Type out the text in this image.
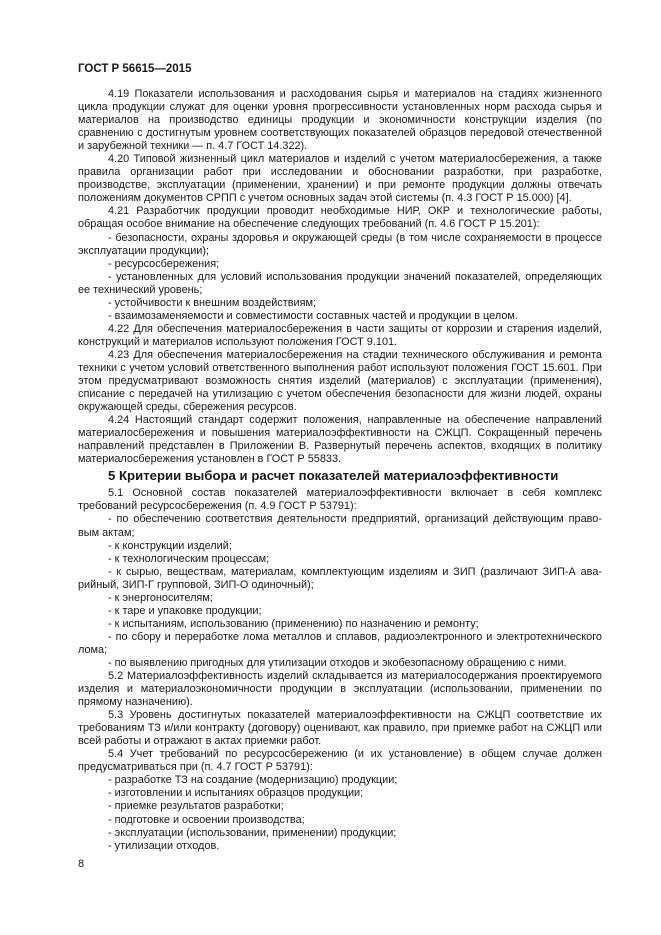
ГОСТ Р 56615—2015

4.19 Показатели использования и расходования сырья и материалов на стадиях жизненного цикла продукции служат для оценки уровня прогрессивности установленных норм расхода сырья и материалов на производство единицы продукции и экономичности конструкции изделия (по сравнению с достигнутым уровнем соответствующих показателей образцов передовой отечественной и зарубежной техники — п. 4.7 ГОСТ 14.322).

4.20 Типовой жизненный цикл материалов и изделий с учетом материалосбережения, а также правила организации работ при исследовании и обосновании разработки, при разработке, производстве, эксплуатации (применении, хранении) и при ремонте продукции должны отвечать положениям документов СРПП с учетом основных задач этой системы (п. 4.3 ГОСТ Р 15.000) [4].

4.21 Разработчик продукции проводит необходимые НИР, ОКР и технологические работы, обращая особое внимание на обеспечение следующих требований (п. 4.6 ГОСТ Р 15.201):

- безопасности, охраны здоровья и окружающей среды (в том числе сохраняемости в процессе эксплуатации продукции);

- ресурсосбережения;

- установленных для условий использования продукции значений показателей, определяющих ее технический уровень;

- устойчивости к внешним воздействиям;

- взаимозаменяемости и совместимости составных частей и продукции в целом.

4.22 Для обеспечения материалосбережения в части защиты от коррозии и старения изделий, конструкций и материалов используют положения ГОСТ 9.101.

4.23 Для обеспечения материалосбережения на стадии технического обслуживания и ремонта техники с учетом условий ответственного выполнения работ используют положения ГОСТ 15.601. При этом предусматривают возможность снятия изделий (материалов) с эксплуатации (применения), списание с передачей на утилизацию с учетом обеспечения безопасности для жизни людей, охраны окружающей среды, сбережения ресурсов.

4.24 Настоящий стандарт содержит положения, направленные на обеспечение направлений материалосбережения и повышения материалоэффективности на СЖЦП. Сокращенный перечень направлений представлен в Приложении В. Развернутый перечень аспектов, входящих в политику материалосбережения установлен в ГОСТ Р 55833.

5 Критерии выбора и расчет показателей материалоэффективности

5.1 Основной состав показателей материалоэффективности включает в себя комплекс требований ресурсосбережения (п. 4.9 ГОСТ Р 53791):

- по обеспечению соответствия деятельности предприятий, организаций действующим право-вым актам;

- к конструкции изделий;

- к технологическим процессам;

- к сырью, веществам, материалам, комплектующим изделиям и ЗИП (различают ЗИП-А ава-рийный, ЗИП-Г групповой, ЗИП-О одиночный);

- к энергоносителям;

- к таре и упаковке продукции;

- к испытаниям, использованию (применению) по назначению и ремонту;

- по сбору и переработке лома металлов и сплавов, радиоэлектронного и электротехнического лома;

- по выявлению пригодных для утилизации отходов и экобезопасному обращению с ними.

5.2 Материалоэффективность изделий складывается из материалосодержания проектируемого изделия и материалоэкономичности продукции в эксплуатации (использовании, применении по прямому назначению).

5.3 Уровень достигнутых показателей материалоэффективности на СЖЦП соответствие их требованиям ТЗ и/или контракту (договору) оценивают, как правило, при приемке работ на СЖЦП или всей работы и отражают в актах приемки работ.

5.4 Учет требований по ресурсосбережению (и их установление) в общем случае должен предусматриваться при (п. 4.7 ГОСТ Р 53791):

- разработке ТЗ на создание (модернизацию) продукции;

- изготовлении и испытаниях образцов продукции;

- приемке результатов разработки;

- подготовке и освоении производства;

- эксплуатации (использовании, применении) продукции;

- утилизации отходов.

8
